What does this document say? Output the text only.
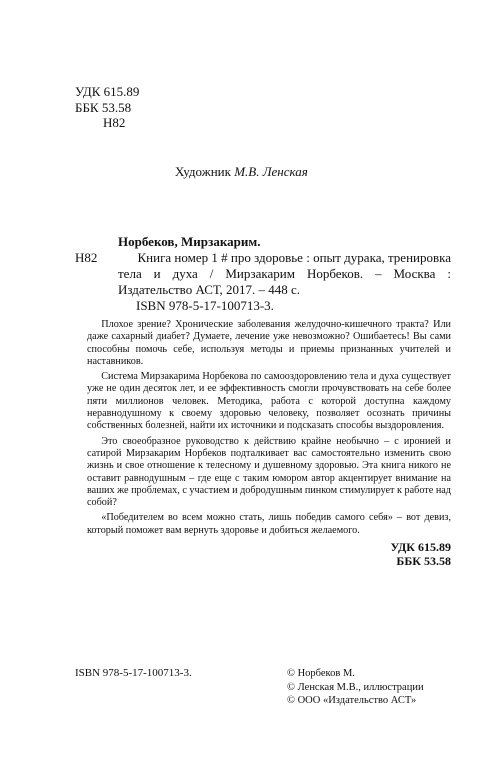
УДК 615.89
ББК 53.58
Н82
Художник М.В. Ленская
Норбеков, Мирзакарим.
Н82	Книга номер 1 # про здоровье : опыт дурака, тренировка тела и духа / Мирзакарим Норбеков. – Москва : Издательство АСТ, 2017. – 448 с.
ISBN 978-5-17-100713-3.

Плохое зрение? Хронические заболевания желудочно-кишечного тракта? Или даже сахарный диабет? Думаете, лечение уже невозможно? Ошибаетесь! Вы сами способны помочь себе, используя методы и приемы признанных учителей и наставников.

Система Мирзакарима Норбекова по самооздоровлению тела и духа существует уже не один десяток лет, и ее эффективность смогли прочувствовать на себе более пяти миллионов человек. Методика, работа с которой доступна каждому неравнодушному к своему здоровью человеку, позволяет осознать причины собственных болезней, найти их источники и подсказать способы выздоровления.

Это своеобразное руководство к действию крайне необычно – с иронией и сатирой Мирзакарим Норбеков подталкивает вас самостоятельно изменить свою жизнь и свое отношение к телесному и душевному здоровью. Эта книга никого не оставит равнодушным – где еще с таким юмором автор акцентирует внимание на ваших же проблемах, с участием и добродушным пинком стимулирует к работе над собой?

«Победителем во всем можно стать, лишь победив самого себя» – вот девиз, который поможет вам вернуть здоровье и добиться желаемого.

УДК 615.89
ББК 53.58
ISBN 978-5-17-100713-3.	© Норбеков М.
© Ленская М.В., иллюстрации
© ООО «Издательство АСТ»
